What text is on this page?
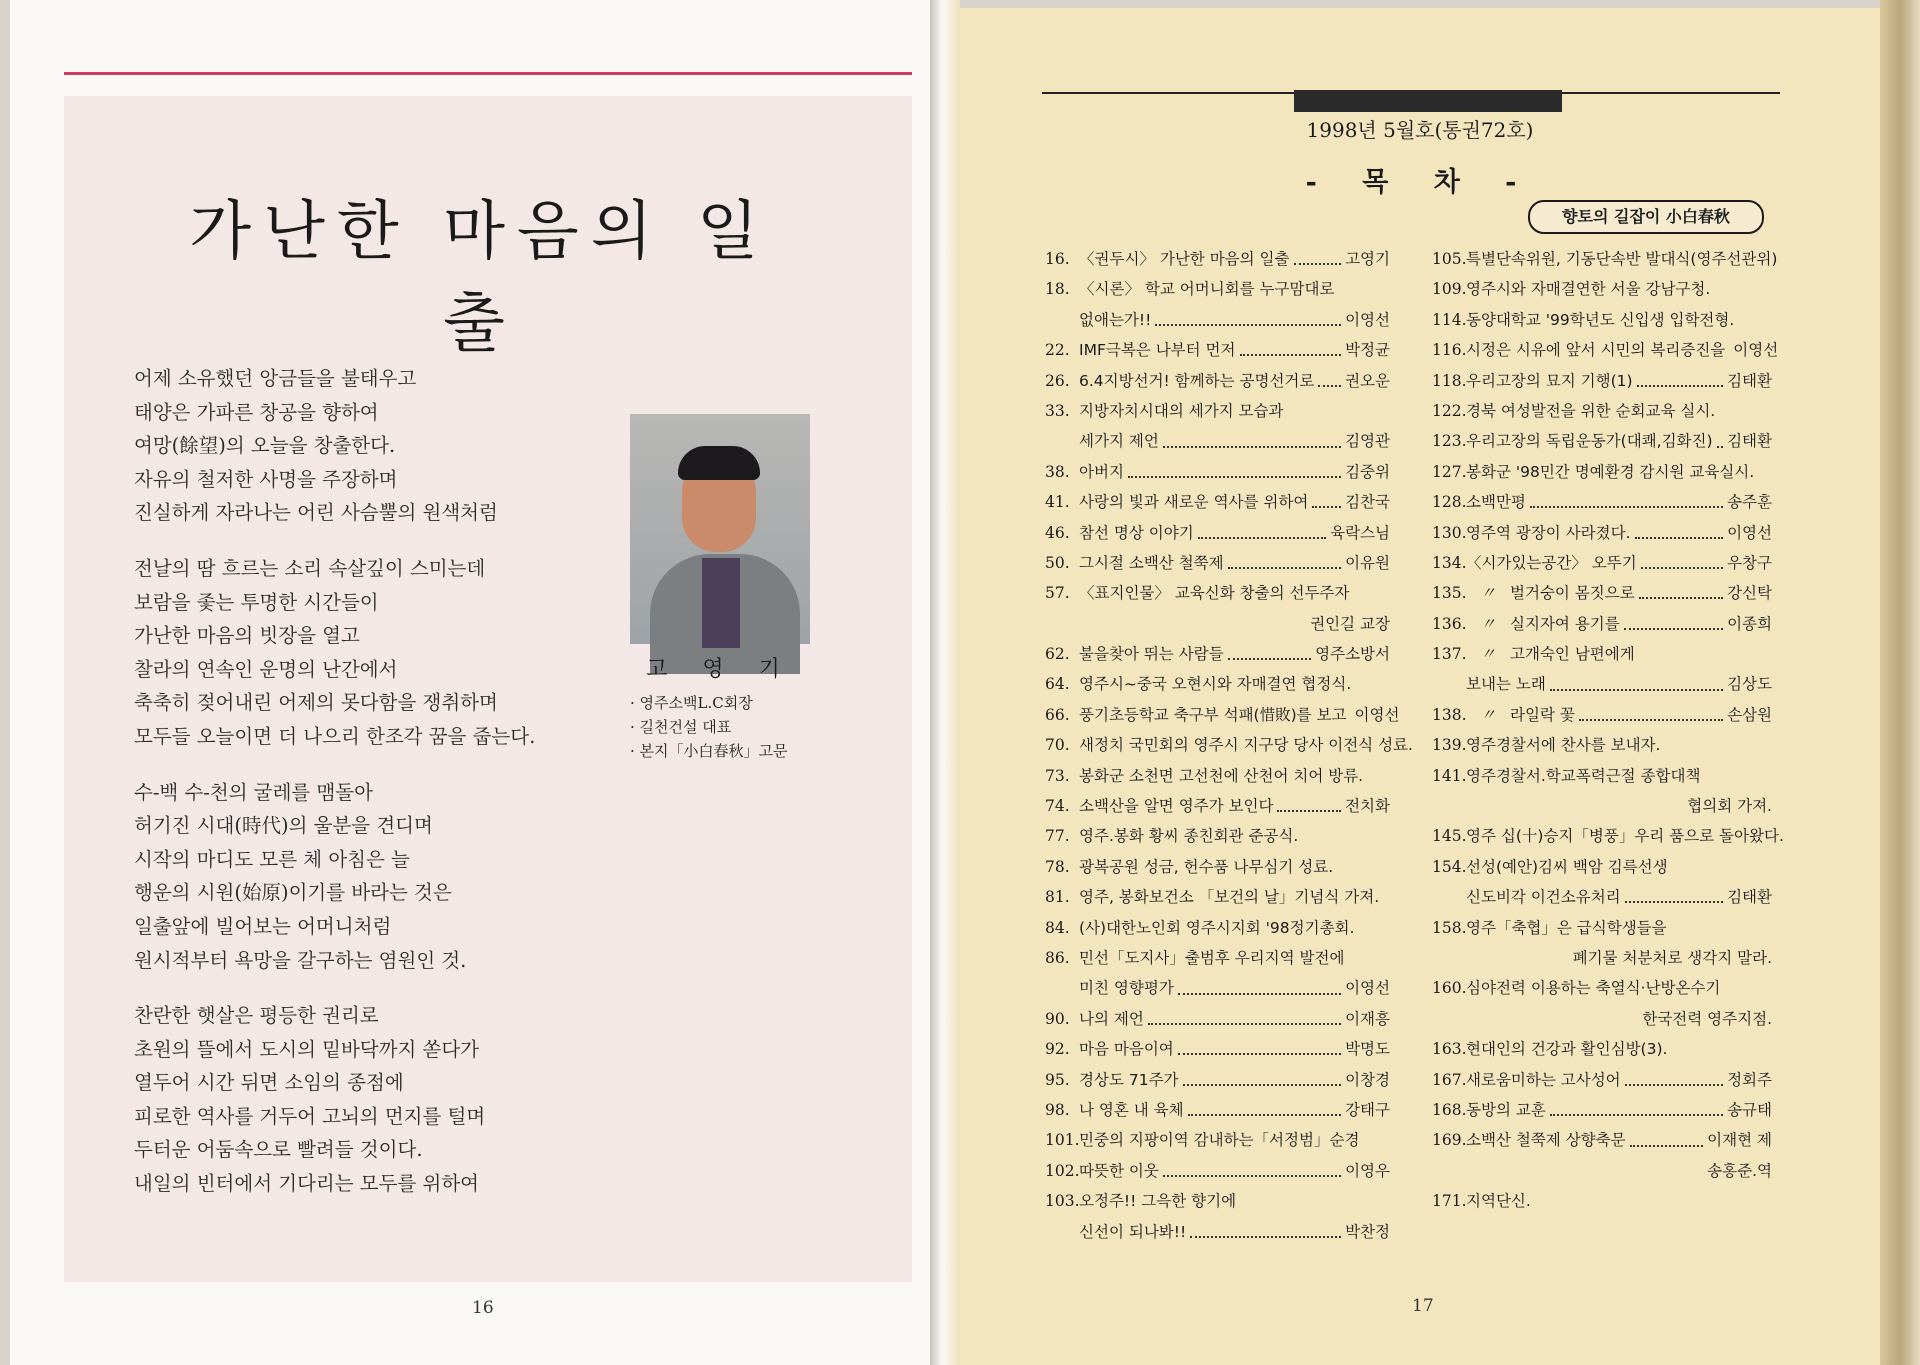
가난한 마음의 일출
어제 소유했던 앙금들을 불태우고
태양은 가파른 창공을 향하여
여망(餘望)의 오늘을 창출한다.
자유의 철저한 사명을 주장하며
진실하게 자라나는 어린 사슴뿔의 원색처럼
전날의 땀 흐르는 소리 속살깊이 스미는데
보람을 좇는 투명한 시간들이
가난한 마음의 빗장을 열고
찰라의 연속인 운명의 난간에서
축축히 젖어내린 어제의 못다함을 쟁취하며
모두들 오늘이면 더 나으리 한조각 꿈을 줍는다.
수-백 수-천의 굴레를 맴돌아
허기진 시대(時代)의 울분을 견디며
시작의 마디도 모른 체 아침은 늘
행운의 시원(始原)이기를 바라는 것은
일출앞에 빌어보는 어머니처럼
원시적부터 욕망을 갈구하는 염원인 것.
찬란한 햇살은 평등한 권리로
초원의 뜰에서 도시의 밑바닥까지 쏟다가
열두어 시간 뒤면 소임의 종점에
피로한 역사를 거두어 고뇌의 먼지를 털며
두터운 어둠속으로 빨려들 것이다.
내일의 빈터에서 기다리는 모두를 위하여
고 영 기
· 영주소백L.C회장
· 길천건설 대표
· 본지「小白春秋」고문
16
1998년 5월호(통권72호)
- 목 차 -
향토의 길잡이 小白春秋
16. 〈권두시〉 가난한 마음의 일출	고영기
18. 〈시론〉 학교 어머니회를 누구맘대로
없애는가!!	이영선
22. IMF극복은 나부터 먼저	박정균
26. 6.4지방선거! 함께하는 공명선거로 권오운
33. 지방자치시대의 세가지 모습과
세가지 제언	김영관
38. 아버지	김중위
41. 사랑의 빛과 새로운 역사를 위하여 김찬국
46. 참선 명상 이야기	육락스님
50. 그시절 소백산 철쭉제	이유원
57. 〈표지인물〉 교육신화 창출의 선두주자
권인길 교장
62. 불을찾아 뛰는 사람들	영주소방서
64. 영주시~중국 오현시와 자매결연 협정식.
66. 풍기초등학교 축구부 석패(惜敗)를 보고 이영선
70. 새정치 국민회의 영주시 지구당 당사 이전식 성료.
73. 봉화군 소천면 고선천에 산천어 치어 방류.
74. 소백산을 알면 영주가 보인다	전치화
77. 영주.봉화 황씨 종친회관 준공식.
78. 광복공원 성금, 헌수품 나무심기 성료.
81. 영주, 봉화보건소 「보건의 날」기념식 가져.
84. (사)대한노인회 영주시지회 '98정기총회.
86. 민선「도지사」출범후 우리지역 발전에
미친 영향평가	이영선
90. 나의 제언	이재흥
92. 마음 마음이여	박명도
95. 경상도 71주가	이창경
98. 나 영혼 내 육체	강태구
101. 민중의 지팡이역 감내하는「서정범」순경
102. 따뜻한 이웃	이영우
103. 오정주!! 그윽한 향기에
신선이 되나봐!!	박찬정
105. 특별단속위원, 기동단속반 발대식(영주선관위)
109. 영주시와 자매결연한 서울 강남구청.
114. 동양대학교 '99학년도 신입생 입학전형.
116. 시정은 시유에 앞서 시민의 복리증진을 이영선
118. 우리고장의 묘지 기행(1)	김태환
122. 경북 여성발전을 위한 순회교육 실시.
123. 우리고장의 독립운동가(대쾌,김화진) 김태환
127. 봉화군 '98민간 명예환경 감시원 교육실시.
128. 소백만평	송주훈
130. 영주역 광장이 사라졌다.	이영선
134. 〈시가있는공간〉 오뚜기	우창구
135. 〃 벌거숭이 몸짓으로	강신탁
136. 〃 실지자여 용기를	이종희
137. 〃 고개숙인 남편에게
보내는 노래	김상도
138. 〃 라일락 꽃	손삼원
139. 영주경찰서에 찬사를 보내자.
141. 영주경찰서.학교폭력근절 종합대책
협의회 가져.
145. 영주 십(十)승지「병풍」우리 품으로 돌아왔다.
154. 선성(예안)김씨 백암 김륵선생
신도비각 이건소유처리	김태환
158. 영주「축협」은 급식학생들을
폐기물 처분처로 생각지 말라.
160. 심야전력 이용하는 축열식·난방온수기
한국전력 영주지점.
163. 현대인의 건강과 활인심방(3).
167. 새로움미하는 고사성어	정회주
168. 동방의 교훈	송규태
169. 소백산 철쭉제 상향축문	이재현 제
송홍준.역
171. 지역단신.
17
